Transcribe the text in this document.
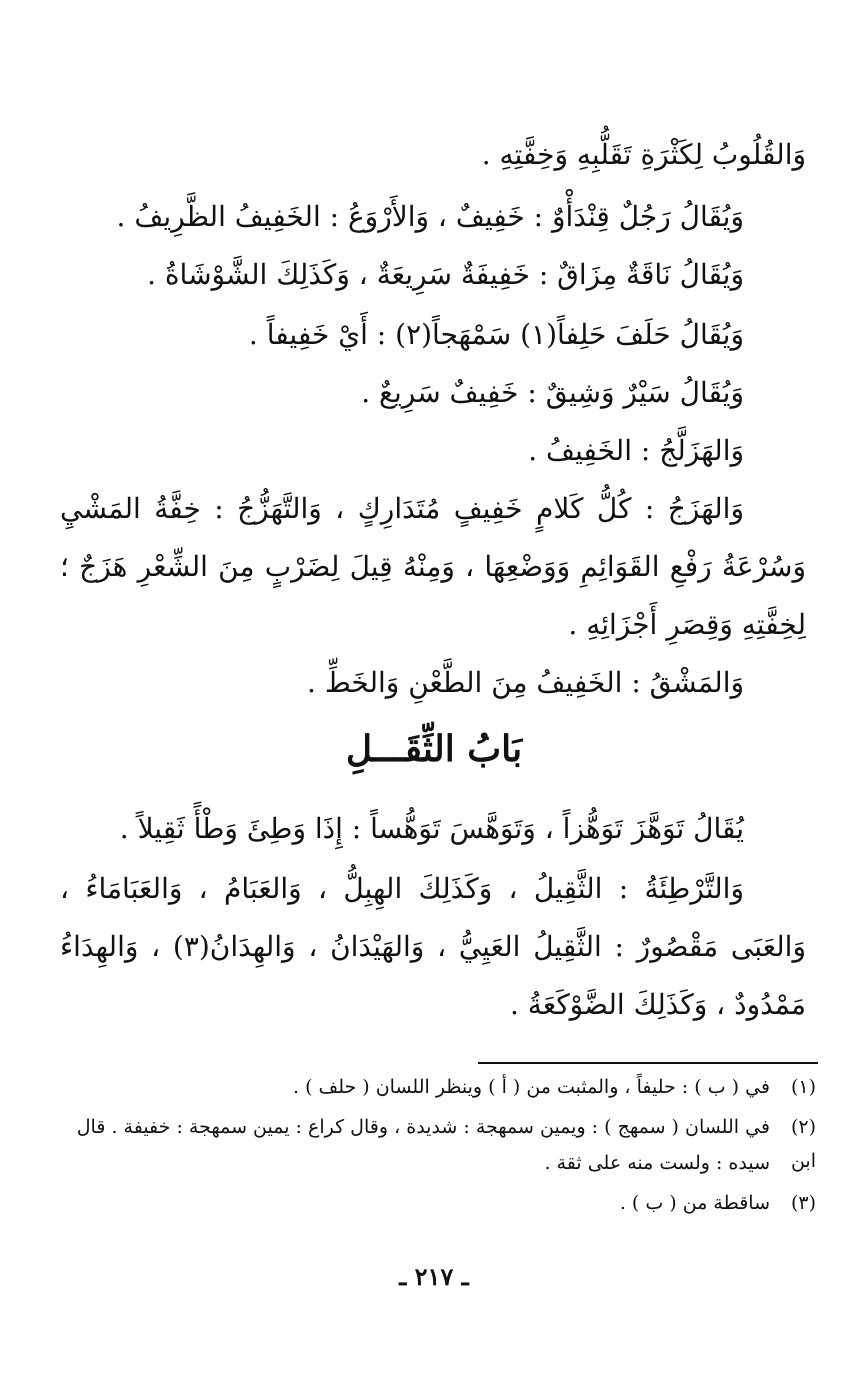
وَالقُلُوبُ لِكَثْرَةِ تَقَلُّبِهِ وَخِفَّتِهِ .

وَيُقَالُ رَجُلٌ قِنْدَأْوٌ : خَفِيفٌ ، وَالأَرْوَعُ : الخَفِيفُ الظَّرِيفُ .

وَيُقَالُ نَاقَةٌ مِزَاقٌ : خَفِيفَةٌ سَرِيعَةٌ ، وَكَذَلِكَ الشَّوْشَاةُ .

وَيُقَالُ حَلَفَ حَلِفاً(١) سَمْهَجاً(٢) : أَيْ خَفِيفاً .

وَيُقَالُ سَيْرٌ وَشِيقٌ : خَفِيفٌ سَرِيعٌ .

وَالهَزَلَّجُ : الخَفِيفُ .

وَالهَزَجُ : كُلُّ كَلامٍ خَفِيفٍ مُتَدَارِكٍ ، وَالتَّهَزُّجُ : خِفَّةُ المَشْيِ وَسُرْعَةُ رَفْعِ القَوَائِمِ وَوَضْعِهَا ، وَمِنْهُ قِيلَ لِضَرْبٍ مِنَ الشِّعْرِ هَزَجٌ ؛ لِخِفَّتِهِ وَقِصَرِ أَجْزَائِهِ .

وَالمَشْقُ : الخَفِيفُ مِنَ الطَّعْنِ وَالخَطِّ .

بَابُ الثِّقَـــلِ

يُقَالُ تَوَهَّزَ تَوَهُّزاً ، وَتَوَهَّسَ تَوَهُّساً : إِذَا وَطِئَ وَطْأً ثَقِيلاً .

وَالتَّرْطِئَةُ : الثَّقِيلُ ، وَكَذَلِكَ الهِبِلُّ ، وَالعَبَامُ ، وَالعَبَامَاءُ ، وَالعَبَى مَقْصُورٌ : الثَّقِيلُ العَيِيُّ ، وَالهَيْدَانُ ، وَالهِدَانُ(٣) ، وَالهِدَاءُ مَمْدُودٌ ، وَكَذَلِكَ الضَّوْكَعَةُ .

(١)في ( ب ) : حليفاً ، والمثبت من ( أ ) وينظر اللسان ( حلف ) .

(٢)في اللسان ( سمهج ) : ويمين سمهجة : شديدة ، وقال كراع : يمين سمهجة : خفيفة . قال ابن

سيده : ولست منه على ثقة .

(٣)ساقطة من ( ب ) .

ـ ٢١٧ ـ
